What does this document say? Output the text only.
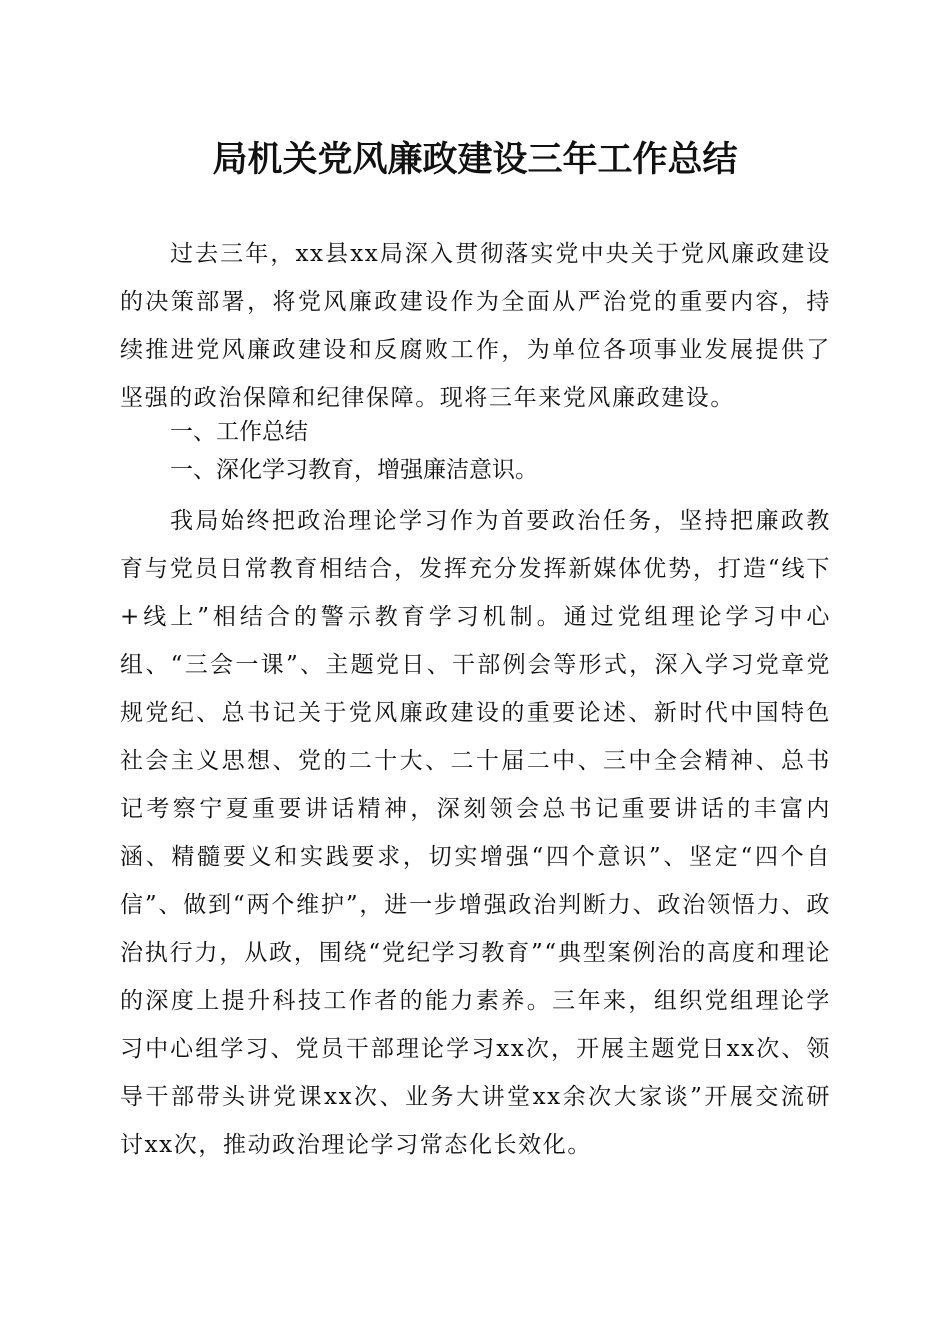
局机关党风廉政建设三年工作总结

过去三年，xx县xx局深入贯彻落实党中央关于党风廉政建设的决策部署，将党风廉政建设作为全面从严治党的重要内容，持续推进党风廉政建设和反腐败工作，为单位各项事业发展提供了坚强的政治保障和纪律保障。现将三年来党风廉政建设。

一、工作总结

一、深化学习教育，增强廉洁意识。

我局始终把政治理论学习作为首要政治任务，坚持把廉政教育与党员日常教育相结合，发挥充分发挥新媒体优势，打造“线下+线上”相结合的警示教育学习机制。通过党组理论学习中心组、“三会一课”、主题党日、干部例会等形式，深入学习党章党规党纪、总书记关于党风廉政建设的重要论述、新时代中国特色社会主义思想、党的二十大、二十届二中、三中全会精神、总书记考察宁夏重要讲话精神，深刻领会总书记重要讲话的丰富内涵、精髓要义和实践要求，切实增强“四个意识”、坚定“四个自信”、做到“两个维护”，进一步增强政治判断力、政治领悟力、政治执行力，从政，围绕“党纪学习教育”“典型案例治的高度和理论的深度上提升科技工作者的能力素养。三年来，组织党组理论学习中心组学习、党员干部理论学习xx次，开展主题党日xx次、领导干部带头讲党课xx次、业务大讲堂xx余次大家谈”开展交流研讨xx次，推动政治理论学习常态化长效化。
